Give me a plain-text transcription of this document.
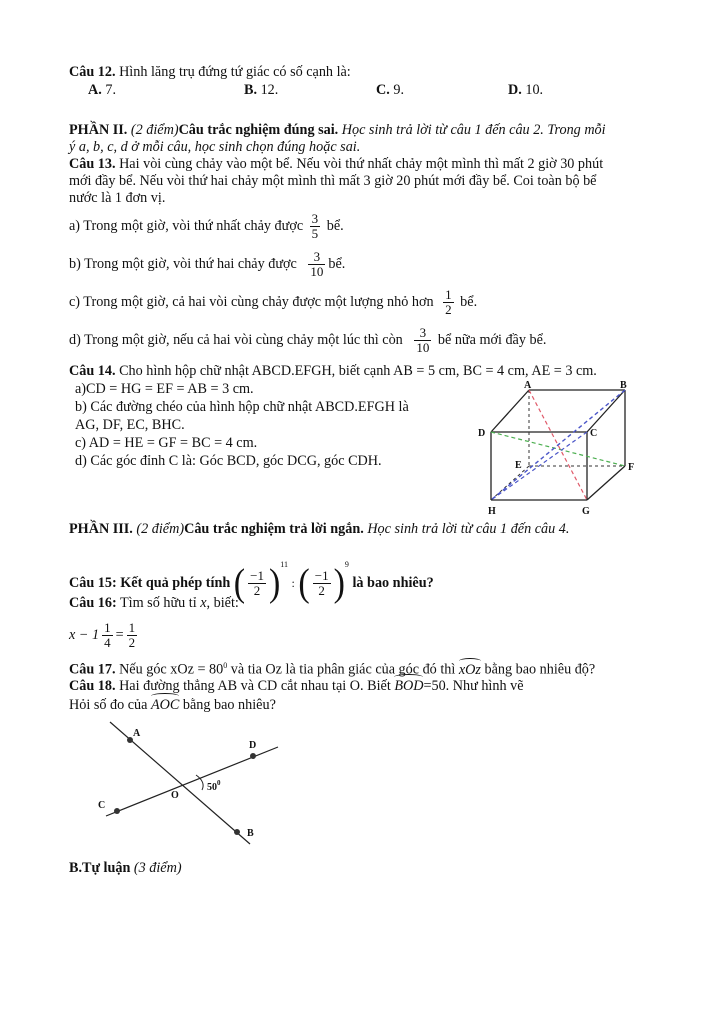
Câu 12. Hình lăng trụ đứng tứ giác có số cạnh là:
A. 7.	B. 12.	C. 9.	D. 10.
PHẦN II. (2 điểm)Câu trắc nghiệm đúng sai. Học sinh trả lời từ câu 1 đến câu 2. Trong mỗi
ý a, b, c, d ở mỗi câu, học sinh chọn đúng hoặc sai.
Câu 13. Hai vòi cùng chảy vào một bể. Nếu vòi thứ nhất chảy một mình thì mất 2 giờ 30 phút
mới đầy bể. Nếu vòi thứ hai chảy một mình thì mất 3 giờ 20 phút mới đầy bể. Coi toàn bộ bể
nước là 1 đơn vị.
a) Trong một giờ, vòi thứ nhất chảy được $\frac{3}{5}$ bể.
b) Trong một giờ, vòi thứ hai chảy được $\frac{3}{10}$ bể.
c) Trong một giờ, cả hai vòi cùng chảy được một lượng nhỏ hơn $\frac{1}{2}$ bể.
d) Trong một giờ, nếu cả hai vòi cùng chảy một lúc thì còn $\frac{3}{10}$ bể nữa mới đầy bể.
Câu 14. Cho hình hộp chữ nhật ABCD.EFGH, biết cạnh AB = 5 cm, BC = 4 cm, AE = 3 cm.
a)CD = HG = EF = AB = 3 cm.
b) Các đường chéo của hình hộp chữ nhật ABCD.EFGH là
AG, DF, EC, BHC.
c) AD = HE = GF = BC = 4 cm.
d) Các góc đỉnh C là: Góc BCD, góc DCG, góc CDH.
A	B
C
D
E	F
G
H
PHẦN III. (2 điểm)Câu trắc nghiệm trả lời ngắn. Học sinh trả lời từ câu 1 đến câu 4.
Câu 15: Kết quả phép tính ( $\frac{-1}{2} )^{11}$ : ( $\frac{-1}{2} )^9$ là bao nhiêu?
Câu 16: Tìm số hữu tỉ x, biết:
$x - 1 \frac{1}{4} = \frac{1}{2}$
Câu 17. Nếu góc xOz = $80^0$ và tia Oz là tia phân giác của góc đó thì xOz bằng bao nhiêu độ?
Câu 18. Hai đường thẳng AB và CD cắt nhau tại O. Biết BOD=50. Như hình vẽ
Hỏi số đo của AOC bằng bao nhiêu?
A
B
C
D
O
$50^0$
B.Tự luận (3 điểm)
